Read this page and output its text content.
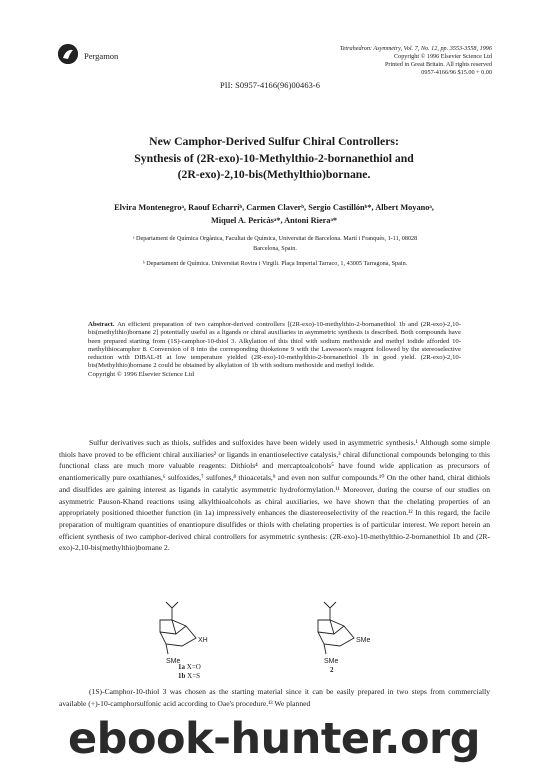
Pergamon
Tetrahedron: Asymmetry, Vol. 7, No. 12, pp. 3553-3558, 1996
Copyright © 1996 Elsevier Science Ltd
Printed in Great Britain. All rights reserved
0957-4166/96 $15.00 + 0.00
PII: S0957-4166(96)00463-6
New Camphor-Derived Sulfur Chiral Controllers:
Synthesis of (2R-exo)-10-Methylthio-2-bornanethiol and
(2R-exo)-2,10-bis(Methylthio)bornane.
Elvira Montenegroᵃ, Raouf Echarriᵇ, Carmen Claverᵇ, Sergio Castillónᵇ*, Albert Moyanoᵃ,
Miquel A. Pericàsᵃ*, Antoni Rieraᵃ*
ᵃ Departament de Química Orgànica, Facultat de Química, Universitat de Barcelona. Martí i Franquès, 1-11, 08028
Barcelona, Spain.
ᵇ Departament de Química. Universitat Rovira i Virgili. Plaça Imperial Tarraco, 1, 43005 Tarragona, Spain.
Abstract. An efficient preparation of two camphor-derived controllers [(2R-exo)-10-methylthio-2-bornanethiol 1b and (2R-exo)-2,10-bis(methylthio)bornane 2] potentially useful as a ligands or chiral auxiliaries in asymmetric synthesis is described. Both compounds have been prepared starting from (1S)-camphor-10-thiol 3. Alkylation of this thiol with sodium methoxide and methyl iodide afforded 10-methylthiocamphor 8. Conversion of 8 into the corresponding thioketone 9 with the Lawesson's reagent followed by the stereoselective reduction with DIBAL-H at low temperature yielded (2R-exo)-10-methylthio-2-bornanethiol 1b in good yield. (2R-exo)-2,10-bis(Methylthio)bornane 2 could be obtained by alkylation of 1b with sodium methoxide and methyl iodide.
Copyright © 1996 Elsevier Science Ltd

Sulfur derivatives such as thiols, sulfides and sulfoxides have been widely used in asymmetric synthesis.¹ Although some simple thiols have proved to be efficient chiral auxiliaries² or ligands in enantioselective catalysis,³ chiral difunctional compounds belonging to this functional class are much more valuable reagents: Dithiols⁴ and mercaptoalcohols⁵ have found wide application as precursors of enantiomerically pure oxathianes,⁶ sulfoxides,⁷ sulfones,⁸ thioacetals,⁹ and even non sulfur compounds.¹⁰ On the other hand, chiral dithiols and disulfides are gaining interest as ligands in catalytic asymmetric hydroformylation.¹¹ Moreover, during the course of our studies on asymmetric Pauson-Khand reactions using alkylthioalcohols as chiral auxiliaries, we have shown that the chelating properties of an appropriately positioned thioether function (in 1a) impressively enhances the diastereoselectivity of the reaction.¹² In this regard, the facile preparation of multigram quantities of enantiopure disulfides or thiols with chelating properties is of particular interest. We report herein an efficient synthesis of two camphor-derived chiral controllers for asymmetric synthesis: (2R-exo)-10-methylthio-2-bornanethiol 1b and (2R-exo)-2,10-bis(methylthio)bornane 2.

XH
SMe
SMe
SMe
1a X=O
1b X=S
2
(1S)-Camphor-10-thiol 3 was chosen as the starting material since it can be easily prepared in two steps from commercially available (+)-10-camphorsulfonic acid according to Oae's procedure.¹³ We planned
ebook-hunter.org
